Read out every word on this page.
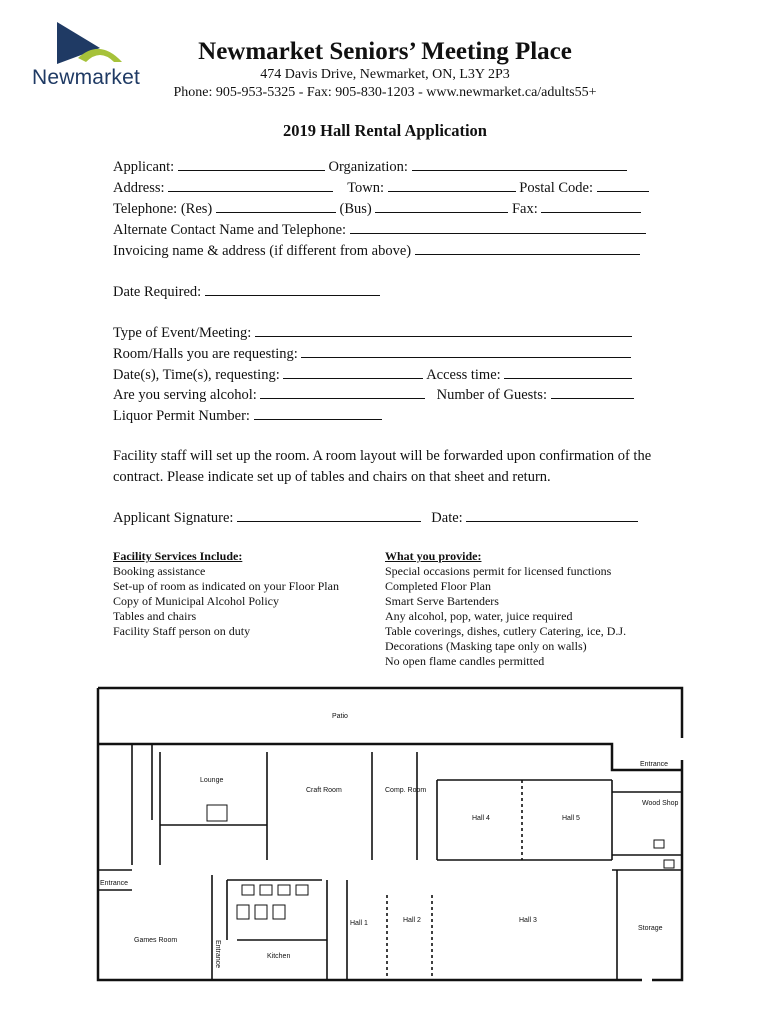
Newmarket
Newmarket Seniors’ Meeting Place
474 Davis Drive, Newmarket, ON, L3Y 2P3
Phone: 905-953-5325 - Fax: 905-830-1203 - www.newmarket.ca/adults55+
2019 Hall Rental Application
Applicant:	Organization:
Address:	Town:	Postal Code:
Telephone: (Res)	(Bus)	Fax:
Alternate Contact Name and Telephone:
Invoicing name & address (if different from above)
Date Required:
Type of Event/Meeting:
Room/Halls you are requesting:
Date(s), Time(s), requesting:	Access time:
Are you serving alcohol:	Number of Guests:
Liquor Permit Number:
Facility staff will set up the room. A room layout will be forwarded upon confirmation of the contract. Please indicate set up of tables and chairs on that sheet and return.
Applicant Signature:	Date:
Facility Services Include:
Booking assistance
Set-up of room as indicated on your Floor Plan
Copy of Municipal Alcohol Policy
Tables and chairs
Facility Staff person on duty
What you provide:
Special occasions permit for licensed functions
Completed Floor Plan
Smart Serve Bartenders
Any alcohol, pop, water, juice required
Table coverings, dishes, cutlery Catering, ice, D.J.
Decorations (Masking tape only on walls)
No open flame candles permitted
Patio
Entrance
Lounge
Craft Room	Comp. Room
Hall 4	Hall 5
Wood Shop
Entrance
Hall 1	Hall 2	Hall 3
Storage
Games Room	Entrance	Kitchen
